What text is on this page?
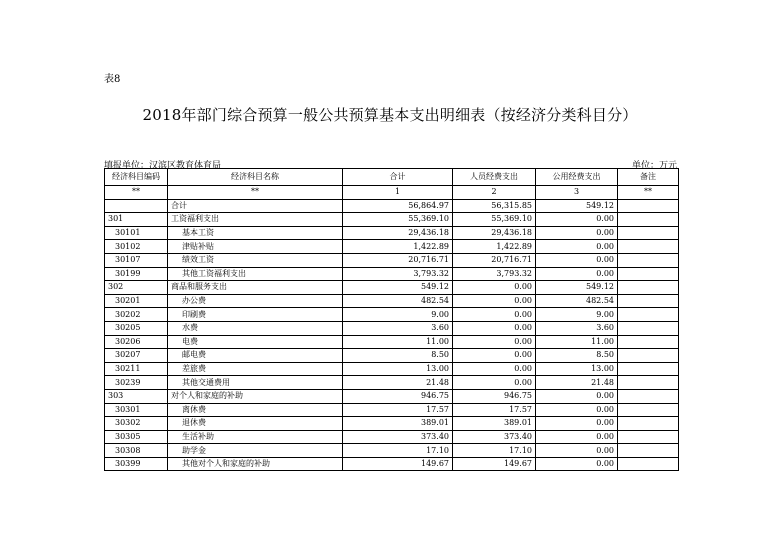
表8
2018年部门综合预算一般公共预算基本支出明细表（按经济分类科目分）
填报单位：汉滨区教育体育局	单位：万元
经济科目编码	经济科目名称	合计	人员经费支出	公用经费支出	备注
**	**	1	2	3	**
	合计	56,864.97	56,315.85	549.12	
301	工资福利支出	55,369.10	55,369.10	0.00	
30101	基本工资	29,436.18	29,436.18	0.00	
30102	津贴补贴	1,422.89	1,422.89	0.00	
30107	绩效工资	20,716.71	20,716.71	0.00	
30199	其他工资福利支出	3,793.32	3,793.32	0.00	
302	商品和服务支出	549.12	0.00	549.12	
30201	办公费	482.54	0.00	482.54	
30202	印刷费	9.00	0.00	9.00	
30205	水费	3.60	0.00	3.60	
30206	电费	11.00	0.00	11.00	
30207	邮电费	8.50	0.00	8.50	
30211	差旅费	13.00	0.00	13.00	
30239	其他交通费用	21.48	0.00	21.48	
303	对个人和家庭的补助	946.75	946.75	0.00	
30301	离休费	17.57	17.57	0.00	
30302	退休费	389.01	389.01	0.00	
30305	生活补助	373.40	373.40	0.00	
30308	助学金	17.10	17.10	0.00	
30399	其他对个人和家庭的补助	149.67	149.67	0.00	
